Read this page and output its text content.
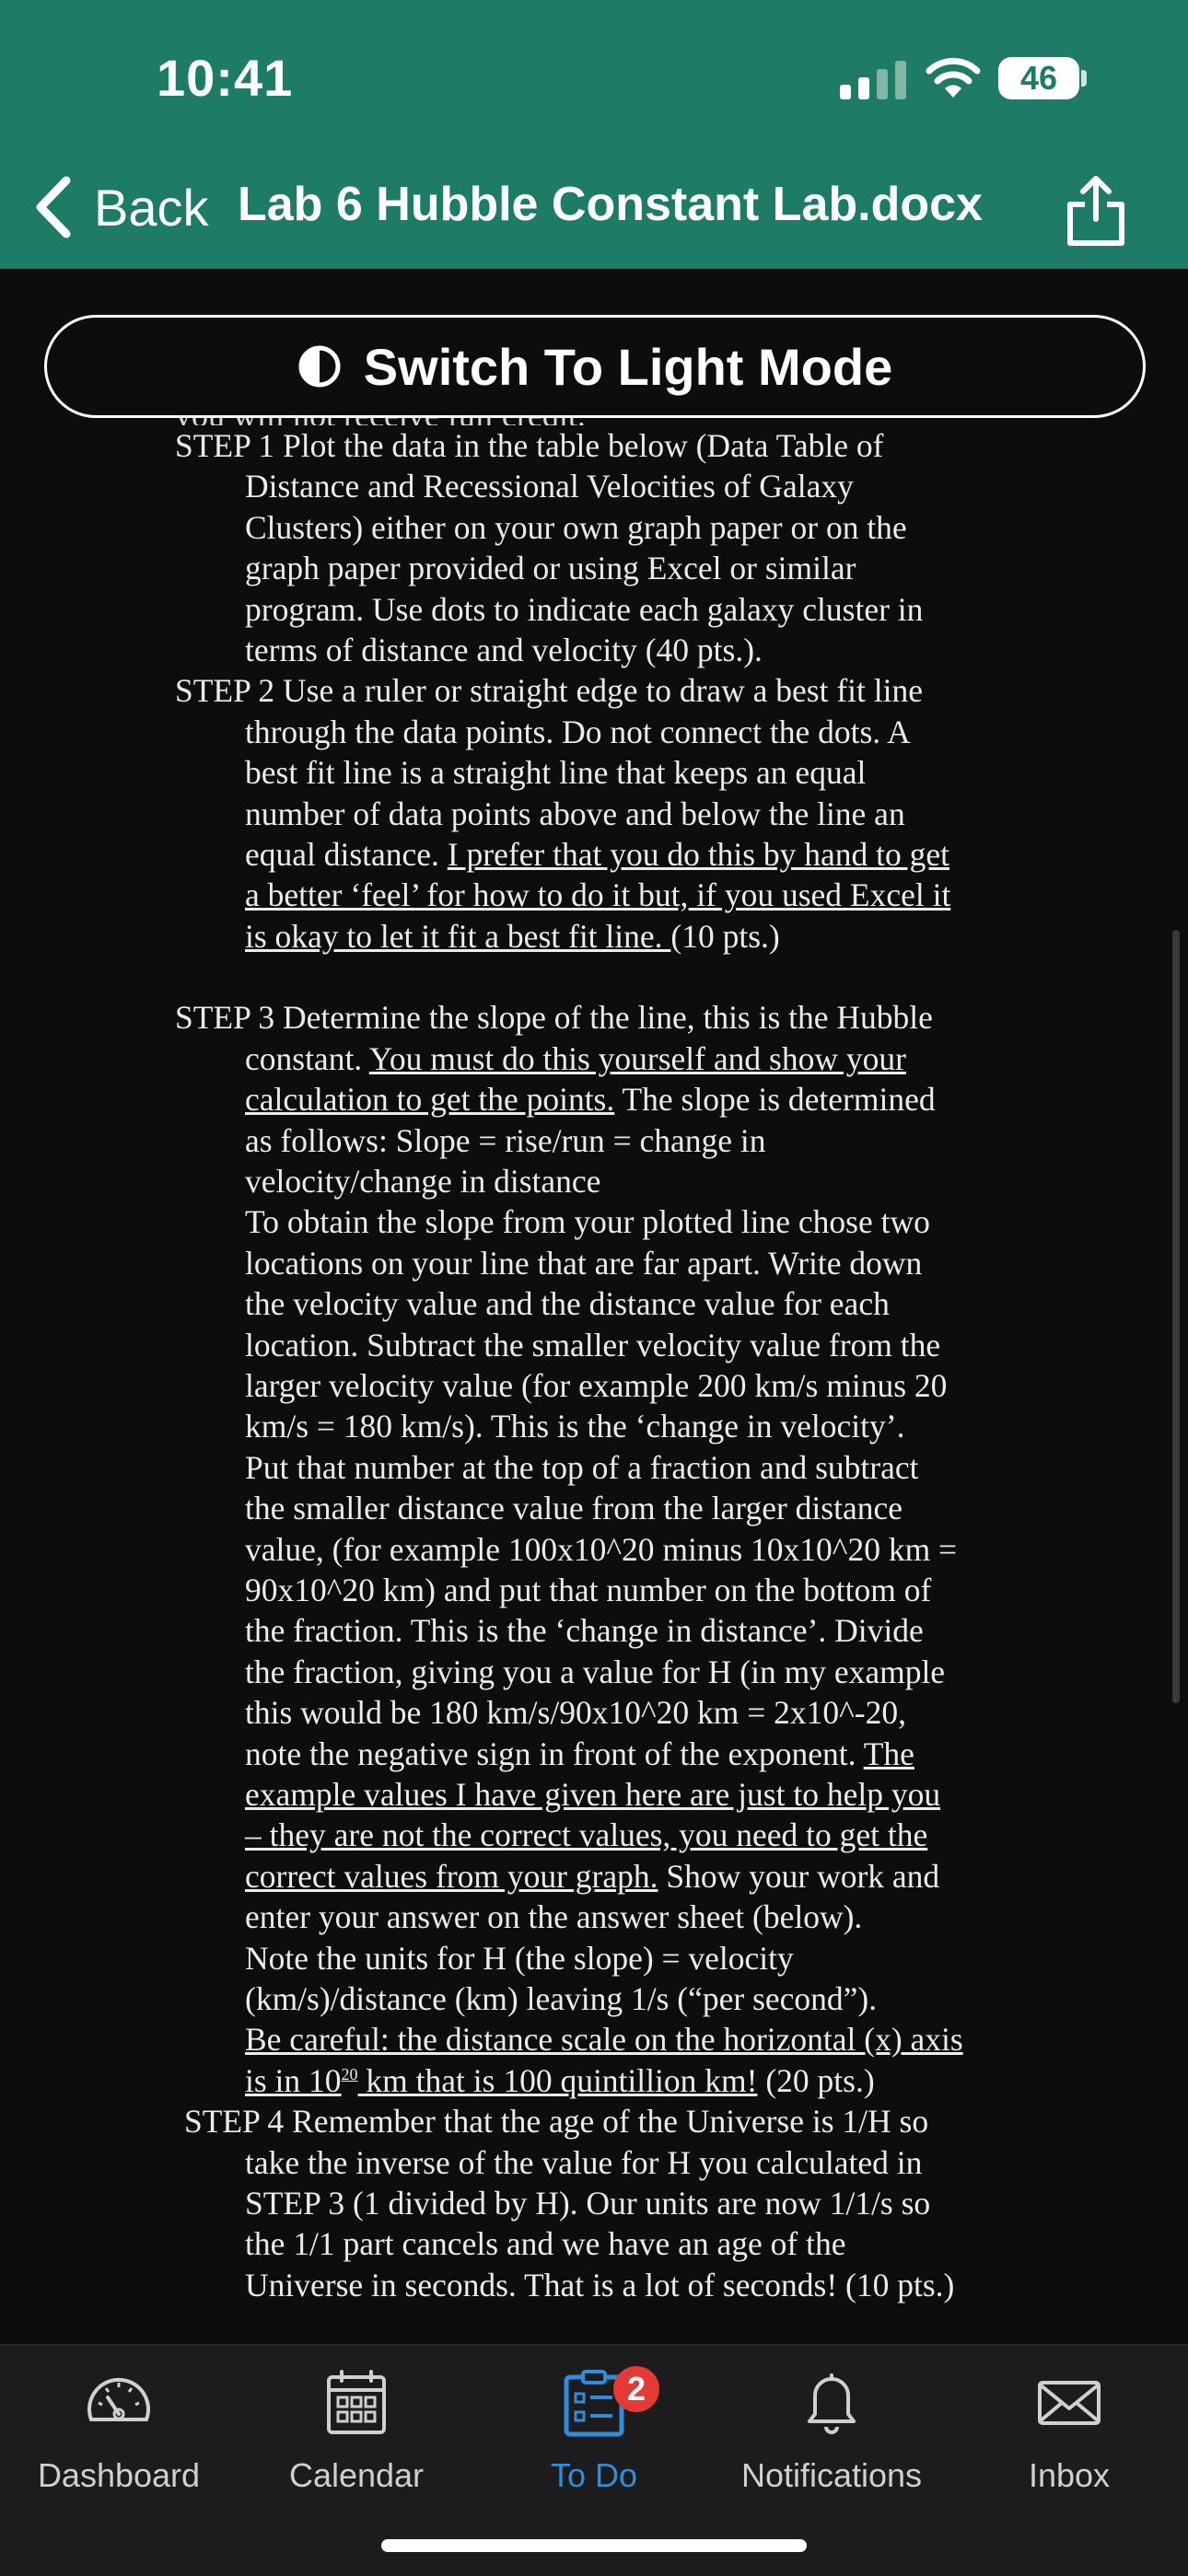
10:41	46
Back Lab 6 Hubble Constant Lab.docx
Switch To Light Mode
STEP 1 Plot the data in the table below (Data Table of
Distance and Recessional Velocities of Galaxy
Clusters) either on your own graph paper or on the
graph paper provided or using Excel or similar
program. Use dots to indicate each galaxy cluster in
terms of distance and velocity (40 pts.).
STEP 2 Use a ruler or straight edge to draw a best fit line
through the data points. Do not connect the dots. A
best fit line is a straight line that keeps an equal
number of data points above and below the line an
equal distance. I prefer that you do this by hand to get
a better ‘feel’ for how to do it but, if you used Excel it
is okay to let it fit a best fit line. (10 pts.)
STEP 3 Determine the slope of the line, this is the Hubble
constant. You must do this yourself and show your
calculation to get the points. The slope is determined
as follows: Slope = rise/run = change in
velocity/change in distance
To obtain the slope from your plotted line chose two
locations on your line that are far apart. Write down
the velocity value and the distance value for each
location. Subtract the smaller velocity value from the
larger velocity value (for example 200 km/s minus 20
km/s = 180 km/s). This is the ‘change in velocity’.
Put that number at the top of a fraction and subtract
the smaller distance value from the larger distance
value, (for example 100x10^20 minus 10x10^20 km =
90x10^20 km) and put that number on the bottom of
the fraction. This is the ‘change in distance’. Divide
the fraction, giving you a value for H (in my example
this would be 180 km/s/90x10^20 km = 2x10^-20,
note the negative sign in front of the exponent. The
example values I have given here are just to help you
– they are not the correct values, you need to get the
correct values from your graph. Show your work and
enter your answer on the answer sheet (below).
Note the units for H (the slope) = velocity
(km/s)/distance (km) leaving 1/s (“per second”).
Be careful: the distance scale on the horizontal (x) axis
is in $10^{20}$ km that is 100 quintillion km! (20 pts.)
STEP 4 Remember that the age of the Universe is 1/H so
take the inverse of the value for H you calculated in
STEP 3 (1 divided by H). Our units are now 1/1/s so
the 1/1 part cancels and we have an age of the
Universe in seconds. That is a lot of seconds! (10 pts.)
Dashboard	Calendar
2
To Do	Notifications	Inbox
